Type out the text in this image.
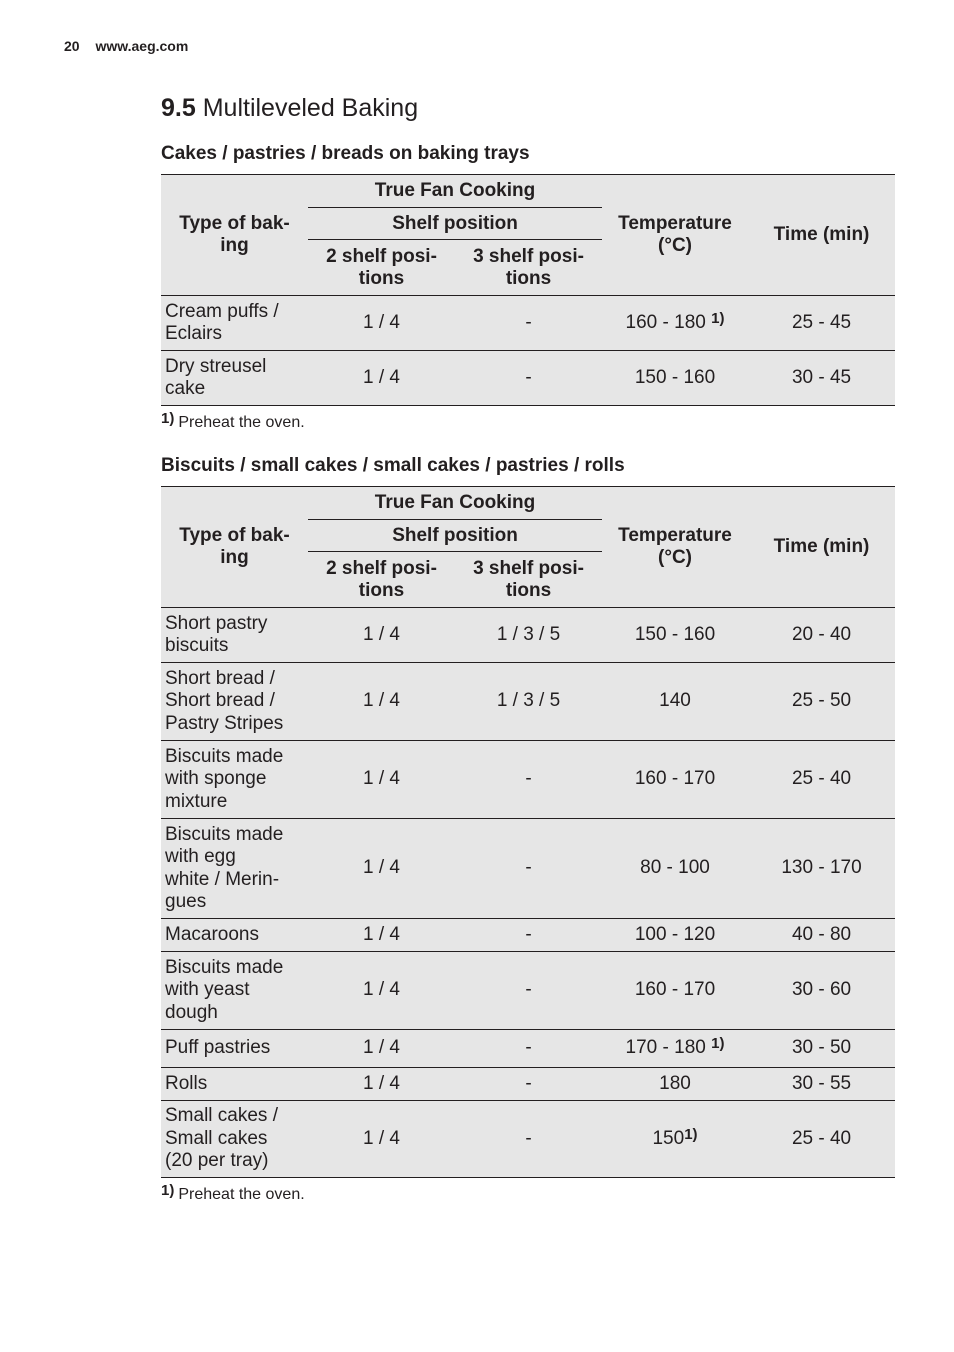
20 www.aeg.com
9.5 Multileveled Baking
Cakes / pastries / breads on baking trays
Type of bak-
ing	True Fan Cooking		Temperature
(°C)	Time (min)
	Shelf position			
	2 shelf posi-
tions	3 shelf posi-
tions		
Cream puffs /
Eclairs	1 / 4	-	160 - 180 $^{1)}$	25 - 45
Dry streusel
cake	1 / 4	-	150 - 160	30 - 45

1) Preheat the oven.

Biscuits / small cakes / small cakes / pastries / rolls
Type of bak-
ing	True Fan Cooking		Temperature
(°C)	Time (min)
	Shelf position			
	2 shelf posi-
tions	3 shelf posi-
tions		
Short pastry
biscuits	1 / 4	1 / 3 / 5	150 - 160	20 - 40
Short bread /
Short bread /
Pastry Stripes	1 / 4	1 / 3 / 5	140	25 - 50
Biscuits made
with sponge
mixture	1 / 4	-	160 - 170	25 - 40
Biscuits made
with egg
white / Merin-
gues	1 / 4	-	80 - 100	130 - 170
Macaroons	1 / 4	-	100 - 120	40 - 80
Biscuits made
with yeast
dough	1 / 4	-	160 - 170	30 - 60
Puff pastries	1 / 4	-	170 - 180 $^{1)}$	30 - 50
Rolls	1 / 4	-	180	30 - 55
Small cakes /
Small cakes
(20 per tray)	1 / 4	-	150$^{1)}$	25 - 40

1) Preheat the oven.
